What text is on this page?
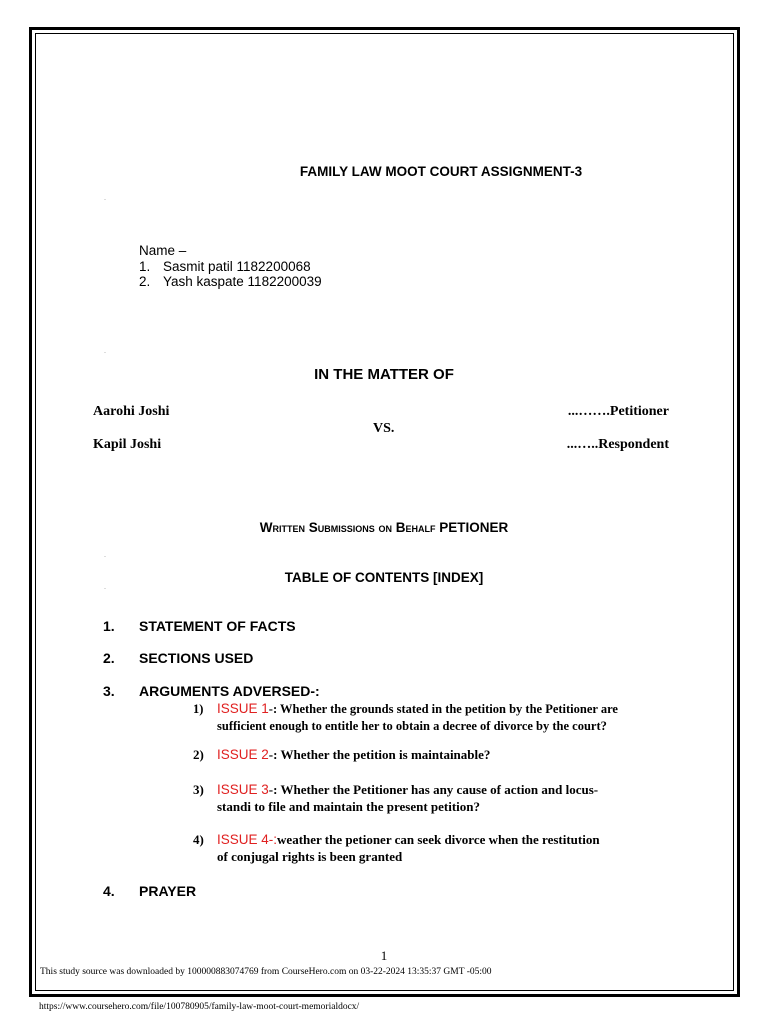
FAMILY LAW MOOT COURT ASSIGNMENT-3
Name –
1. Sasmit patil 1182200068
2. Yash kaspate 1182200039
IN THE MATTER OF
Aarohi Joshi	...…….Petitioner
VS.
Kapil Joshi	...…..Respondent
Written Submissions on Behalf PETIONER
TABLE OF CONTENTS [INDEX]
1. STATEMENT OF FACTS
2. SECTIONS USED
3. ARGUMENTS ADVERSED-:
1) ISSUE 1-: Whether the grounds stated in the petition by the Petitioner are
sufficient enough to entitle her to obtain a decree of divorce by the court?
2) ISSUE 2-: Whether the petition is maintainable?
3) ISSUE 3-: Whether the Petitioner has any cause of action and locus-
standi to file and maintain the present petition?
4) ISSUE 4-:weather the petioner can seek divorce when the restitution
of conjugal rights is been granted
4. PRAYER
1
This study source was downloaded by 100000883074769 from CourseHero.com on 03-22-2024 13:35:37 GMT -05:00
https://www.coursehero.com/file/100780905/family-law-moot-court-memorialdocx/
